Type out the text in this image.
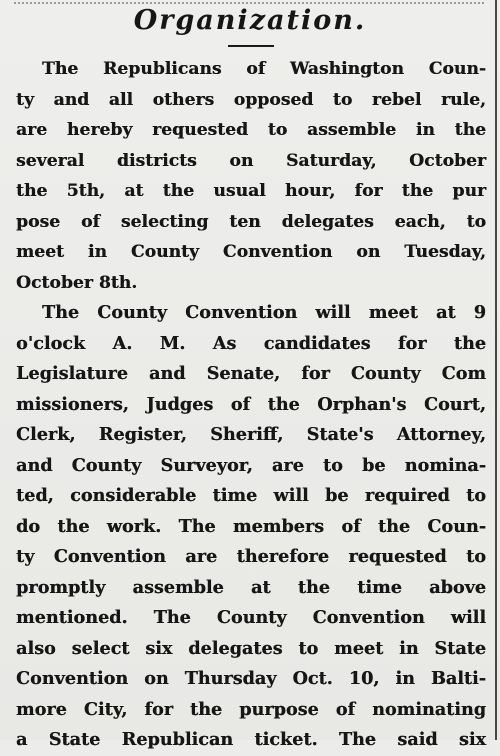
Organization.
The Republicans of Washington Coun-
ty and all others opposed to rebel rule,
are hereby requested to assemble in the
several districts on Saturday, October
the 5th, at the usual hour, for the pur
pose of selecting ten delegates each, to
meet in County Convention on Tuesday,
October 8th.
The County Convention will meet at 9
o'clock A. M. As candidates for the
Legislature and Senate, for County Com
missioners, Judges of the Orphan's Court,
Clerk, Register, Sheriff, State's Attorney,
and County Surveyor, are to be nomina-
ted, considerable time will be required to
do the work. The members of the Coun-
ty Convention are therefore requested to
promptly assemble at the time above
mentioned. The County Convention will
also select six delegates to meet in State
Convention on Thursday Oct. 10, in Balti-
more City, for the purpose of nominating
a State Republican ticket. The said six
